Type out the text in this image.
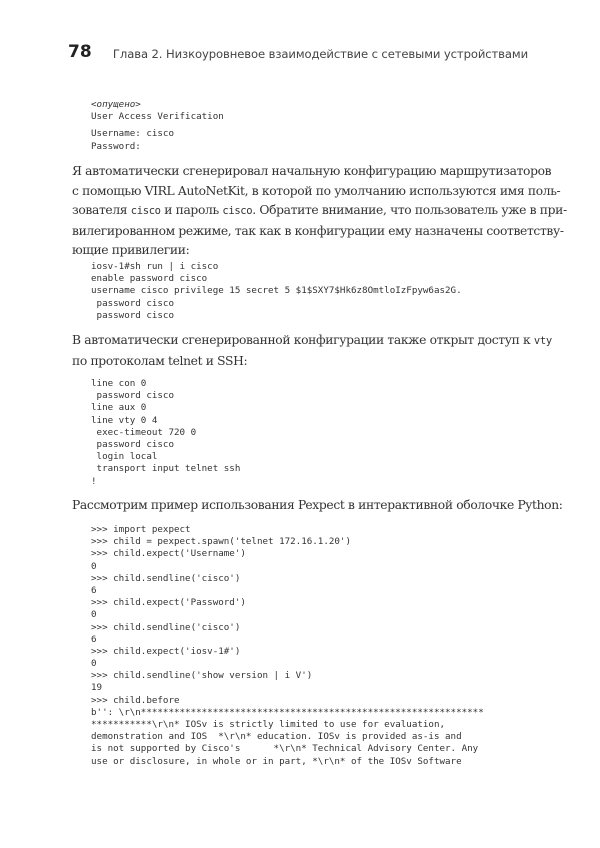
78 Глава 2. Низкоуровневое взаимодействие с сетевыми устройствами
<опущено>
User Access Verification
Username: cisco
Password:
Я автоматически сгенерировал начальную конфигурацию маршрутизаторов
с помощью VIRL AutoNetKit, в которой по умолчанию используются имя поль-
зователя cisco и пароль cisco. Обратите внимание, что пользователь уже в при-
вилегированном режиме, так как в конфигурации ему назначены соответству-
ющие привилегии:
iosv-1#sh run | i cisco
enable password cisco
username cisco privilege 15 secret 5 $1$SXY7$Hk6z8OmtloIzFpyw6as2G.
password cisco
password cisco
В автоматически сгенерированной конфигурации также открыт доступ к vty
по протоколам telnet и SSH:
line con 0
password cisco
line aux 0
line vty 0 4
exec-timeout 720 0
password cisco
login local
transport input telnet ssh
!
Рассмотрим пример использования Pexpect в интерактивной оболочке Python:
>>> import pexpect
>>> child = pexpect.spawn('telnet 172.16.1.20')
>>> child.expect('Username')
0
>>> child.sendline('cisco')
6
>>> child.expect('Password')
0
>>> child.sendline('cisco')
6
>>> child.expect('iosv-1#')
0
>>> child.sendline('show version | i V')
19
>>> child.before
b'': \r\n**************************************************************
***********\r\n* IOSv is strictly limited to use for evaluation,
demonstration and IOS  *\r\n* education. IOSv is provided as-is and
is not supported by Cisco's      *\r\n* Technical Advisory Center. Any
use or disclosure, in whole or in part, *\r\n* of the IOSv Software
